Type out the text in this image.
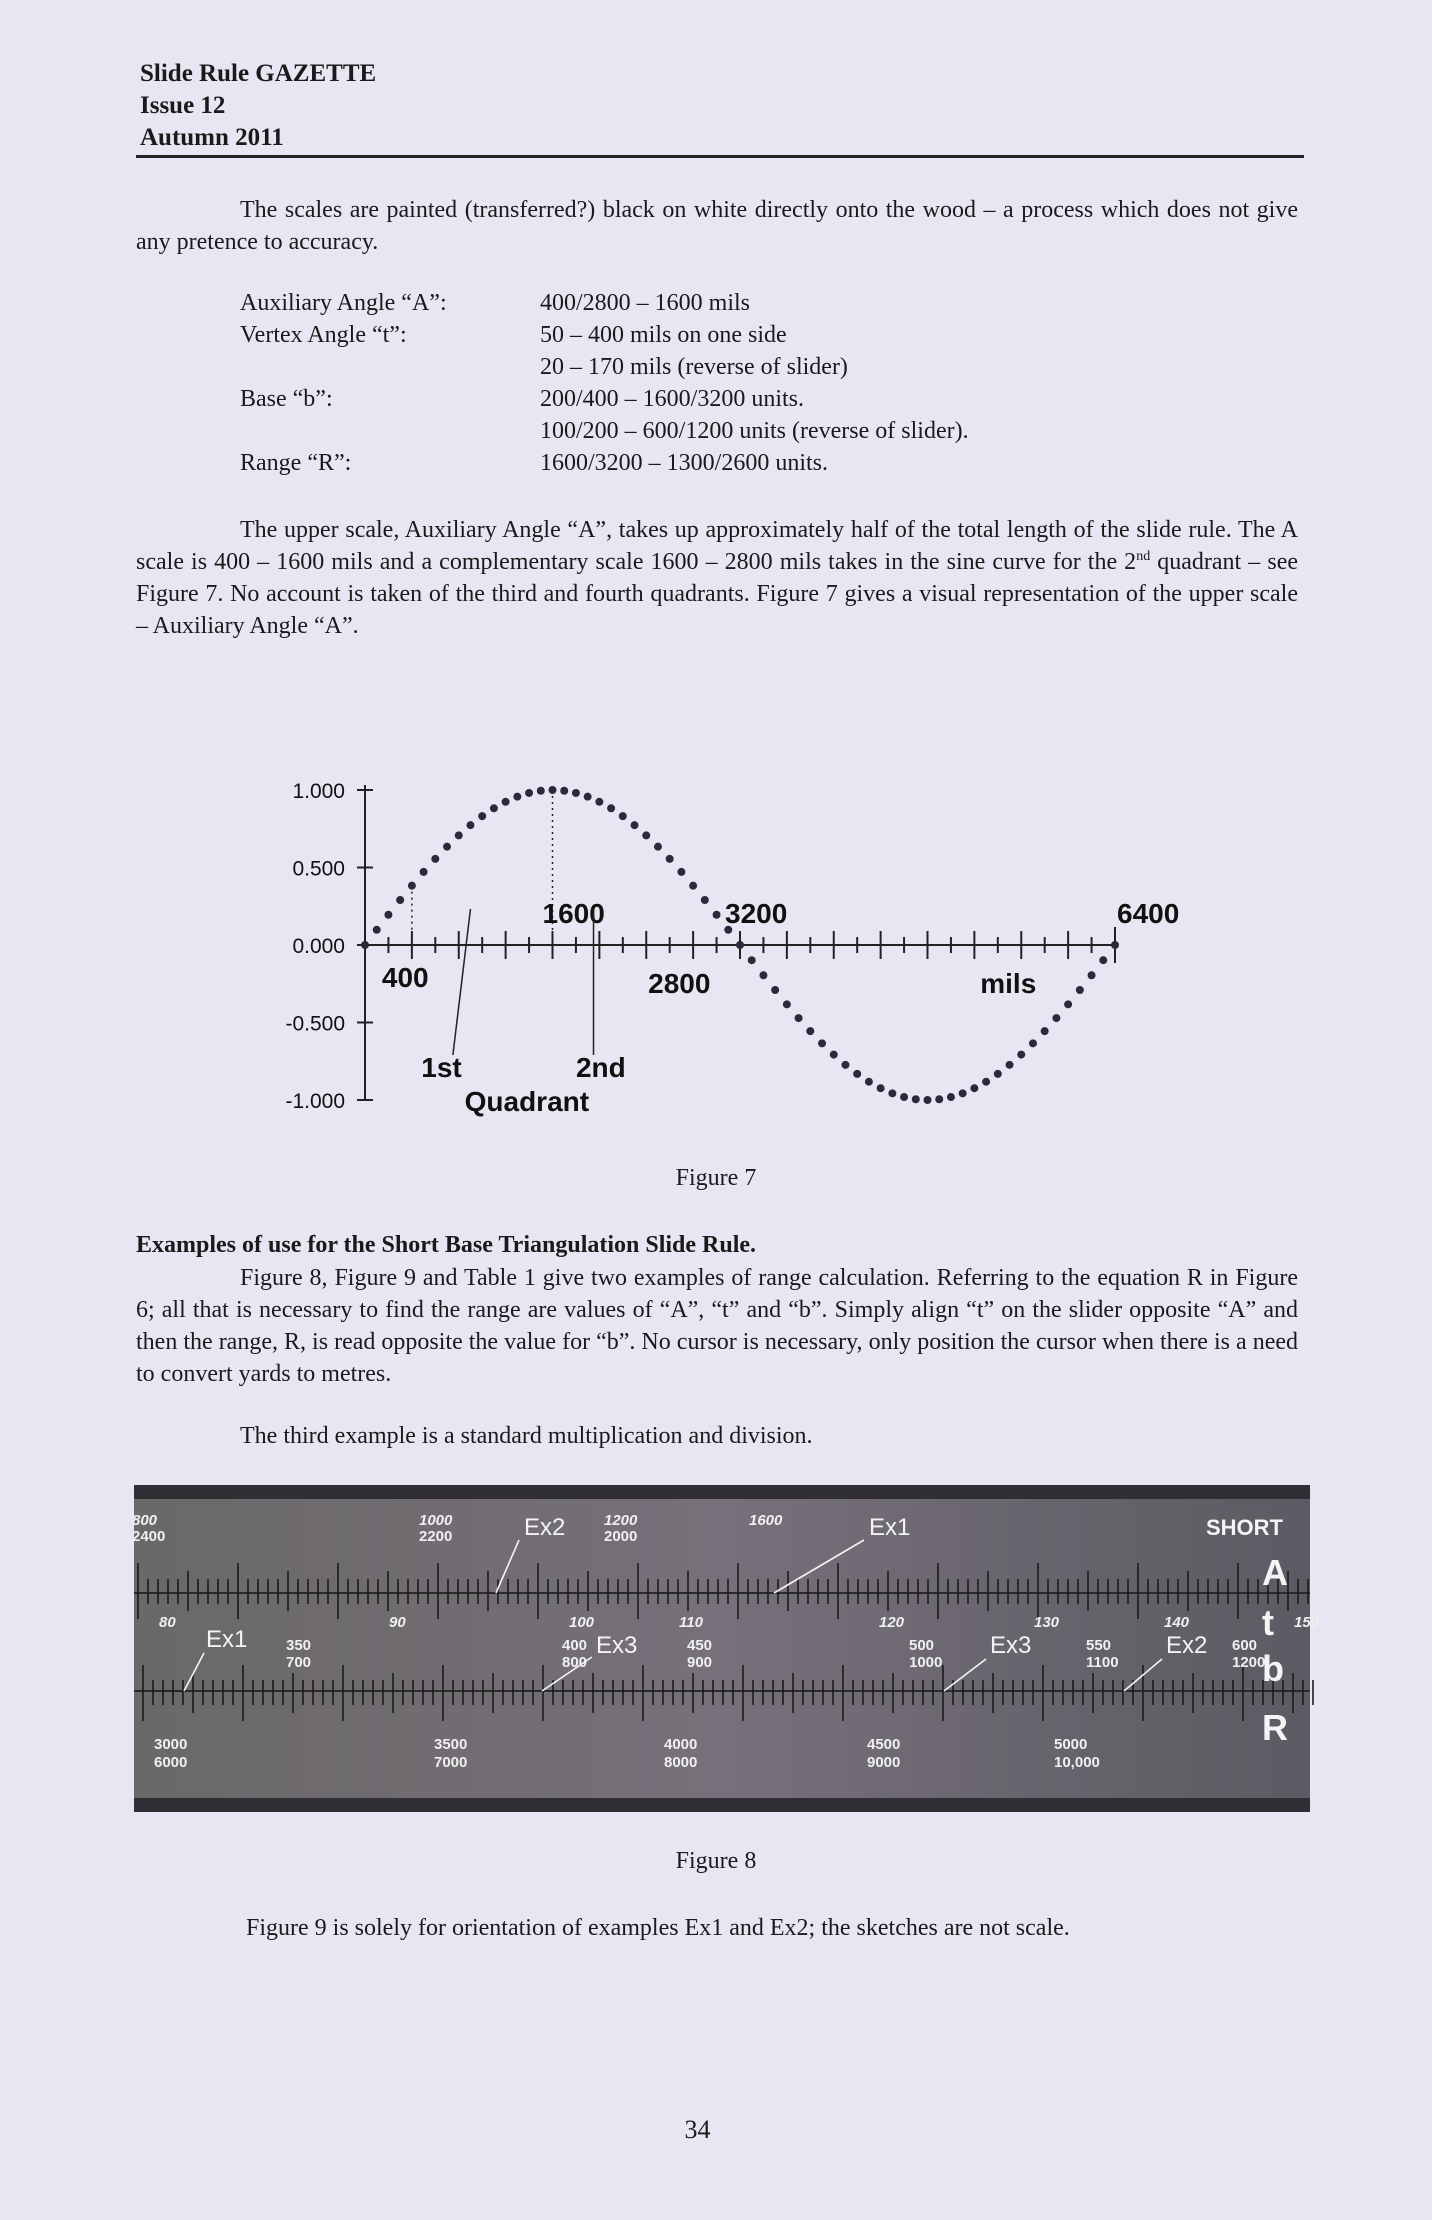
Slide Rule GAZETTE
Issue 12
Autumn 2011
The scales are painted (transferred?) black on white directly onto the wood – a process which does not give any pretence to accuracy.
Auxiliary Angle “A”:	400/2800 – 1600 mils
Vertex Angle “t”:	50 – 400 mils on one side
20 – 170 mils (reverse of slider)
Base “b”:	200/400 – 1600/3200 units.
100/200 – 600/1200 units (reverse of slider).
Range “R”:	1600/3200 – 1300/2600 units.
The upper scale, Auxiliary Angle “A”, takes up approximately half of the total length of the slide rule. The A scale is 400 – 1600 mils and a complementary scale 1600 – 2800 mils takes in the sine curve for the 2nd quadrant – see Figure 7. No account is taken of the third and fourth quadrants. Figure 7 gives a visual representation of the upper scale – Auxiliary Angle “A”.
1.000
0.500
0.000
-0.500
-1.000
1600	3200	6400
400	2800	mils
1st	2nd
Quadrant
Figure 7
Examples of use for the Short Base Triangulation Slide Rule.
Figure 8, Figure 9 and Table 1 give two examples of range calculation. Referring to the equation R in Figure 6; all that is necessary to find the range are values of “A”, “t” and “b”. Simply align “t” on the slider opposite “A” and then the range, R, is read opposite the value for “b”. No cursor is necessary, only position the cursor when there is a need to convert yards to metres.
The third example is a standard multiplication and division.
800
2400
1000
2200
1200
2000
1600
80	90	100	110	120	130	140	150
350
700
400
800
450
900
500
1000
550
1100
600
1200
3000
6000
3500
7000
4000
8000
4500
9000
5000
10,000
Ex2	Ex1
Ex1	Ex3	Ex3	Ex2
SHORT
A
t
b
R
Figure 8
Figure 9 is solely for orientation of examples Ex1 and Ex2; the sketches are not scale.
34
